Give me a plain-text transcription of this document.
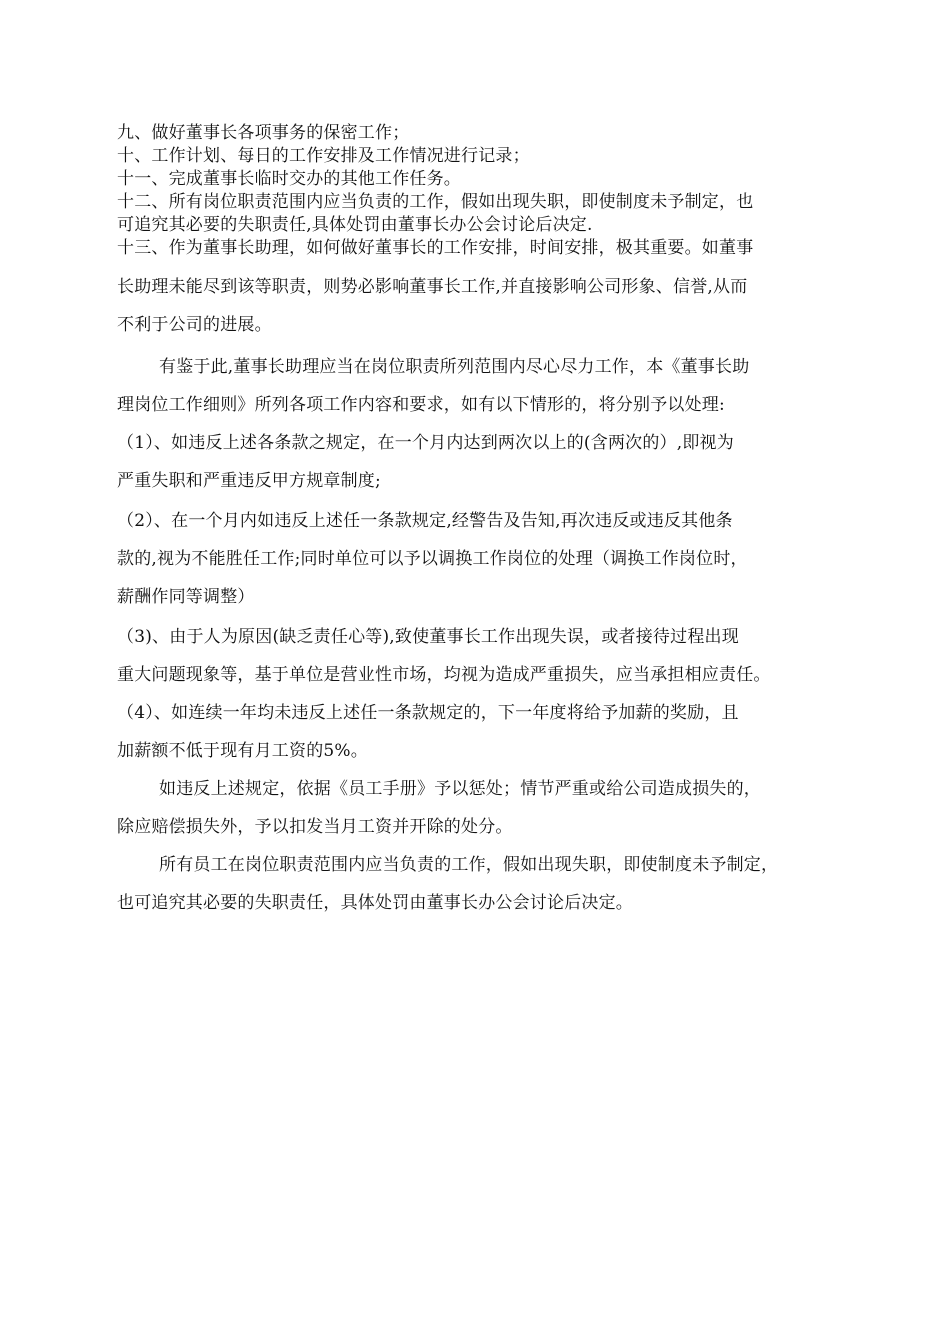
九、做好董事长各项事务的保密工作；

十、工作计划、每日的工作安排及工作情况进行记录；

十一、完成董事长临时交办的其他工作任务。

十二、所有岗位职责范围内应当负责的工作，假如出现失职，即使制度未予制定，也

可追究其必要的失职责任,具体处罚由董事长办公会讨论后决定.

十三、作为董事长助理，如何做好董事长的工作安排，时间安排，极其重要。如董事

长助理未能尽到该等职责，则势必影响董事长工作,并直接影响公司形象、信誉,从而

不利于公司的进展。

有鉴于此,董事长助理应当在岗位职责所列范围内尽心尽力工作，本《董事长助

理岗位工作细则》所列各项工作内容和要求，如有以下情形的，将分别予以处理:

（1）、如违反上述各条款之规定，在一个月内达到两次以上的(含两次的）,即视为

严重失职和严重违反甲方规章制度;

（2）、在一个月内如违反上述任一条款规定,经警告及告知,再次违反或违反其他条

款的,视为不能胜任工作;同时单位可以予以调换工作岗位的处理（调换工作岗位时，

薪酬作同等调整）

（3)、由于人为原因(缺乏责任心等),致使董事长工作出现失误，或者接待过程出现

重大问题现象等，基于单位是营业性市场，均视为造成严重损失，应当承担相应责任。

（4）、如连续一年均未违反上述任一条款规定的，下一年度将给予加薪的奖励，且

加薪额不低于现有月工资的5%。

如违反上述规定，依据《员工手册》予以惩处；情节严重或给公司造成损失的，

除应赔偿损失外，予以扣发当月工资并开除的处分。

所有员工在岗位职责范围内应当负责的工作，假如出现失职，即使制度未予制定，

也可追究其必要的失职责任，具体处罚由董事长办公会讨论后决定。
